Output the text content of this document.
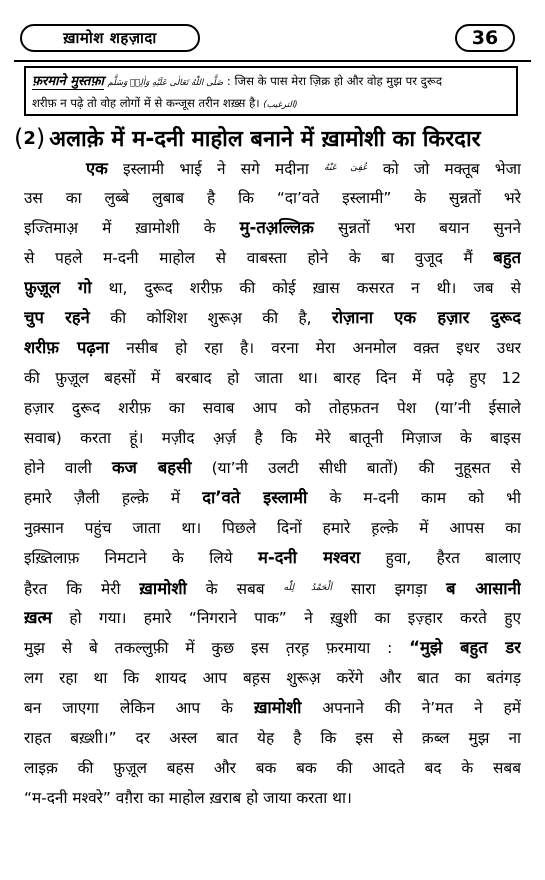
ख़ामोश शहज़ादा	36
फ़रमाने मुस्तफ़ा صَلَّى اللّٰهُ تَعَالٰى عَلَيْهِ وَاٰلِهٖ وَسَلَّم : जिस के पास मेरा ज़िक्र हो और वोह मुझ पर दुरूद
शरीफ़ न पढ़े तो वोह लोगों में से कन्जूस तरीन शख़्स है। (الترغيب)
( 2 ) अलाक़े में म-दनी माहोल बनाने में ख़ामोशी का किरदार
एक इस्लामी भाई ने सगे मदीना $^{عُفِیَ عَنْهُ}$ को जो मक्तूब भेजा
उस का लुब्बे लुबाब है कि “दा’वते इस्लामी” के सुन्नतों भरे
इज्तिमाअ़ में ख़ामोशी के मु-तअ़ल्लिक़ सुन्नतों भरा बयान सुनने
से पहले म-दनी माहोल से वाबस्ता होने के बा वुजूद मैं बहुत
फ़ुज़ूल गो था, दुरूद शरीफ़ की कोई ख़ास कसरत न थी। जब से
चुप रहने की कोशिश शुरूअ़ की है, रोज़ाना एक हज़ार दुरूद
शरीफ़ पढ़ना नसीब हो रहा है। वरना मेरा अनमोल वक़्त इधर उधर
की फ़ुज़ूल बहसों में बरबाद हो जाता था। बारह दिन में पढ़े हुए 12
हज़ार दुरूद शरीफ़ का सवाब आप को तोहफ़तन पेश (या’नी ईसाले
सवाब) करता हूं। मज़ीद अ़र्ज़ है कि मेरे बातूनी मिज़ाज के बाइस
होने वाली कज बहसी (या’नी उलटी सीधी बातों) की नुहूसत से
हमारे ज़ैली ह़ल्क़े में दा’वते इस्लामी के म-दनी काम को भी
नुक़्सान पहुंच जाता था। पिछले दिनों हमारे ह़ल्क़े में आपस का
इख़्तिलाफ़ निमटाने के लिये म-दनी मश्वरा हुवा, हैरत बालाए
हैरत कि मेरी ख़ामोशी के सबब $^{اَلْحَمْدُ لِلّٰه}$ सारा झगड़ा ब आसानी
ख़त्म हो गया। हमारे “निगराने पाक” ने ख़ुशी का इज़्हार करते हुए
मुझ से बे तकल्लुफ़ी में कुछ इस त़रह़ फ़रमाया : “मुझे बहुत डर
लग रहा था कि शायद आप बह़स शुरूअ़ करेंगे और बात का बतंगड़
बन जाएगा लेकिन आप के ख़ामोशी अपनाने की ने’मत ने हमें
राहत बख़्शी।” दर अस्ल बात येह है कि इस से क़ब्ल मुझ ना
लाइक़ की फ़ुज़ूल बहस और बक बक की आदते बद के सबब
“म-दनी मश्वरे” वग़ैरा का माहोल ख़राब हो जाया करता था।
